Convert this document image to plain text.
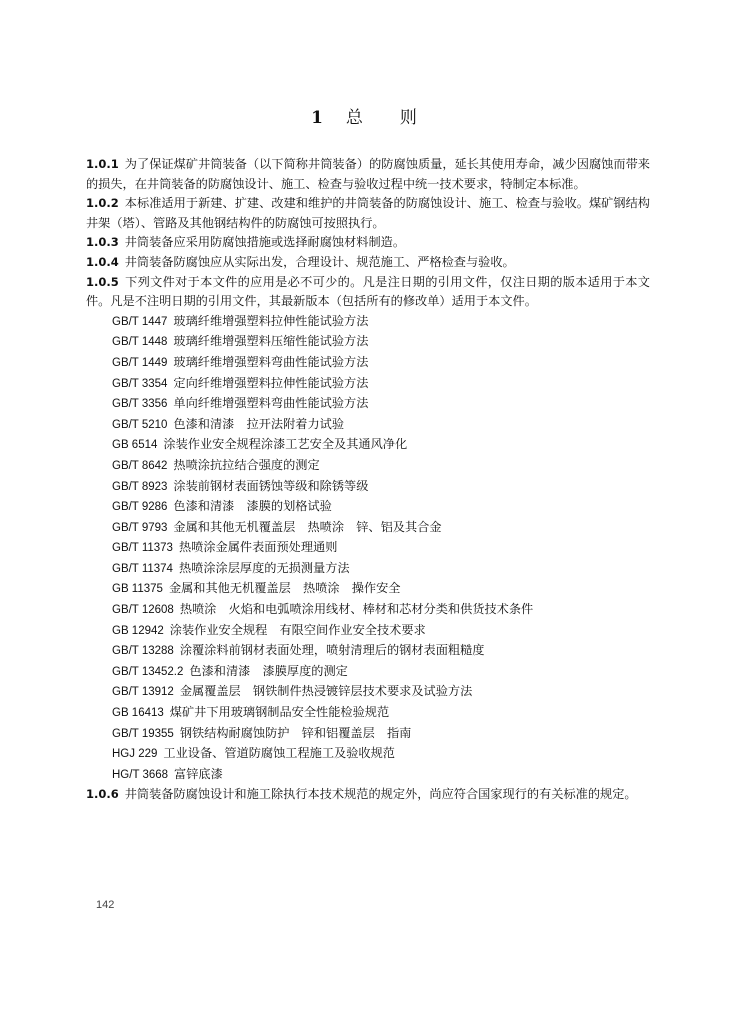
1 总 则

1.0.1 为了保证煤矿井筒装备（以下简称井筒装备）的防腐蚀质量，延长其使用寿命，减少因腐蚀而带来的损失，在井筒装备的防腐蚀设计、施工、检查与验收过程中统一技术要求，特制定本标准。

1.0.2 本标准适用于新建、扩建、改建和维护的井筒装备的防腐蚀设计、施工、检查与验收。煤矿钢结构井架（塔）、管路及其他钢结构件的防腐蚀可按照执行。

1.0.3 井筒装备应采用防腐蚀措施或选择耐腐蚀材料制造。

1.0.4 井筒装备防腐蚀应从实际出发，合理设计、规范施工、严格检查与验收。

1.0.5 下列文件对于本文件的应用是必不可少的。凡是注日期的引用文件，仅注日期的版本适用于本文件。凡是不注明日期的引用文件，其最新版本（包括所有的修改单）适用于本文件。

GB/T 1447 玻璃纤维增强塑料拉伸性能试验方法
GB/T 1448 玻璃纤维增强塑料压缩性能试验方法
GB/T 1449 玻璃纤维增强塑料弯曲性能试验方法
GB/T 3354 定向纤维增强塑料拉伸性能试验方法
GB/T 3356 单向纤维增强塑料弯曲性能试验方法
GB/T 5210 色漆和清漆　拉开法附着力试验
GB 6514 涂装作业安全规程涂漆工艺安全及其通风净化
GB/T 8642 热喷涂抗拉结合强度的测定
GB/T 8923 涂装前钢材表面锈蚀等级和除锈等级
GB/T 9286 色漆和清漆　漆膜的划格试验
GB/T 9793 金属和其他无机覆盖层　热喷涂　锌、铝及其合金
GB/T 11373 热喷涂金属件表面预处理通则
GB/T 11374 热喷涂涂层厚度的无损测量方法
GB 11375 金属和其他无机覆盖层　热喷涂　操作安全
GB/T 12608 热喷涂　火焰和电弧喷涂用线材、棒材和芯材分类和供货技术条件
GB 12942 涂装作业安全规程　有限空间作业安全技术要求
GB/T 13288 涂覆涂料前钢材表面处理，喷射清理后的钢材表面粗糙度
GB/T 13452.2 色漆和清漆　漆膜厚度的测定
GB/T 13912 金属覆盖层　钢铁制件热浸镀锌层技术要求及试验方法
GB 16413 煤矿井下用玻璃钢制品安全性能检验规范
GB/T 19355 钢铁结构耐腐蚀防护　锌和铝覆盖层　指南
HGJ 229 工业设备、管道防腐蚀工程施工及验收规范
HG/T 3668 富锌底漆

1.0.6 井筒装备防腐蚀设计和施工除执行本技术规范的规定外，尚应符合国家现行的有关标准的规定。

142
